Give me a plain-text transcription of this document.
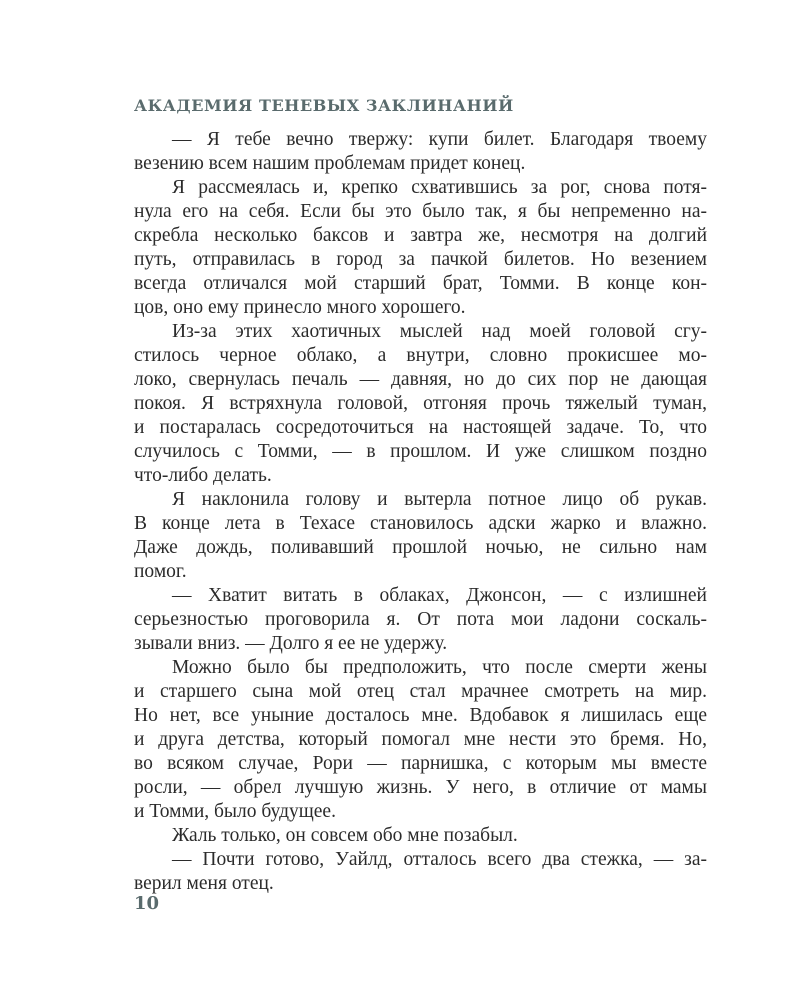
АКАДЕМИЯ ТЕНЕВЫХ ЗАКЛИНАНИЙ
— Я тебе вечно твержу: купи билет. Благодаря твоему
везению всем нашим проблемам придет конец.
Я рассмеялась и, крепко схватившись за рог, снова потя-
нула его на себя. Если бы это было так, я бы непременно на-
скребла несколько баксов и завтра же, несмотря на долгий
путь, отправилась в город за пачкой билетов. Но везением
всегда отличался мой старший брат, Томми. В конце кон-
цов, оно ему принесло много хорошего.
Из-за этих хаотичных мыслей над моей головой сгу-
стилось черное облако, а внутри, словно прокисшее мо-
локо, свернулась печаль — давняя, но до сих пор не дающая
покоя. Я встряхнула головой, отгоняя прочь тяжелый туман,
и постаралась сосредоточиться на настоящей задаче. То, что
случилось с Томми, — в прошлом. И уже слишком поздно
что-либо делать.
Я наклонила голову и вытерла потное лицо об рукав.
В конце лета в Техасе становилось адски жарко и влажно.
Даже дождь, поливавший прошлой ночью, не сильно нам
помог.
— Хватит витать в облаках, Джонсон, — с излишней
серьезностью проговорила я. От пота мои ладони соскаль-
зывали вниз. — Долго я ее не удержу.
Можно было бы предположить, что после смерти жены
и старшего сына мой отец стал мрачнее смотреть на мир.
Но нет, все уныние досталось мне. Вдобавок я лишилась еще
и друга детства, который помогал мне нести это бремя. Но,
во всяком случае, Рори — парнишка, с которым мы вместе
росли, — обрел лучшую жизнь. У него, в отличие от мамы
и Томми, было будущее.
Жаль только, он совсем обо мне позабыл.
— Почти готово, Уайлд, отталось всего два стежка, — за-
верил меня отец.
10
